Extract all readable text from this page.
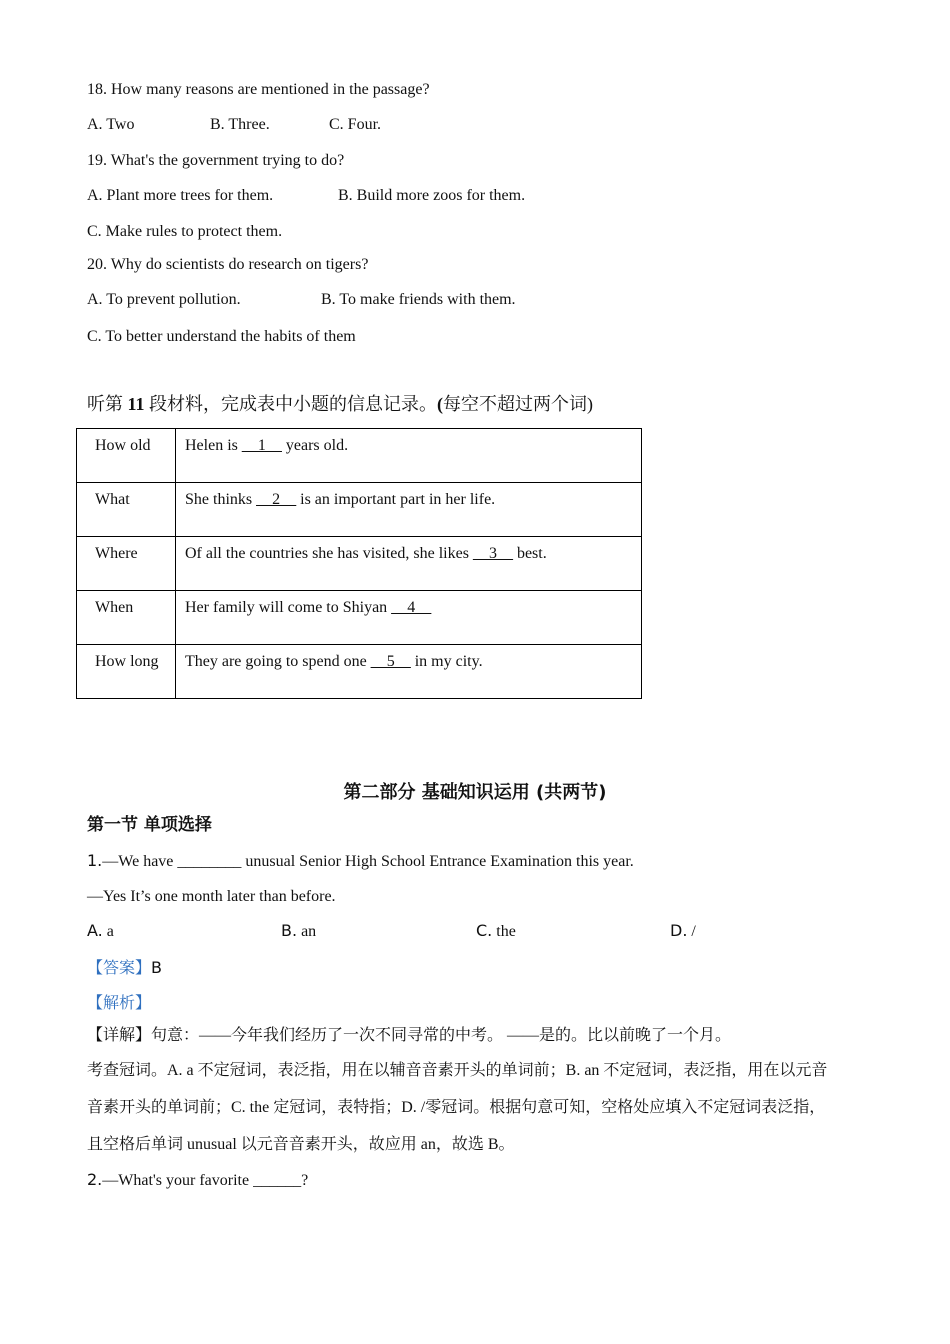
18. How many reasons are mentioned in the passage?
A. Two	B. Three.	C. Four.
19. What's the government trying to do?
A. Plant more trees for them.	B. Build more zoos for them.
C. Make rules to protect them.
20. Why do scientists do research on tigers?
A. To prevent pollution.	B. To make friends with them.
C. To better understand the habits of them
听第 11 段材料，完成表中小题的信息记录。(每空不超过两个词)
How old	Helen is __1__ years old.
What	She thinks __2__ is an important part in her life.
Where	Of all the countries she has visited, she likes __3__ best.
When	Her family will come to Shiyan __4__
How long	They are going to spend one __5__ in my city.
第二部分 基础知识运用 (共两节)
第一节 单项选择
1.—We have ________ unusual Senior High School Entrance Examination this year.
—Yes It’s one month later than before.
A. a	B. an	C. the	D. /
【答案】B
【解析】
【详解】句意：——今年我们经历了一次不同寻常的中考。 ——是的。比以前晚了一个月。
考查冠词。A. a 不定冠词，表泛指，用在以辅音音素开头的单词前；B. an 不定冠词，表泛指，用在以元音
音素开头的单词前；C. the 定冠词，表特指；D. /零冠词。根据句意可知，空格处应填入不定冠词表泛指，
且空格后单词 unusual 以元音音素开头，故应用 an，故选 B。
2.—What's your favorite ______?
